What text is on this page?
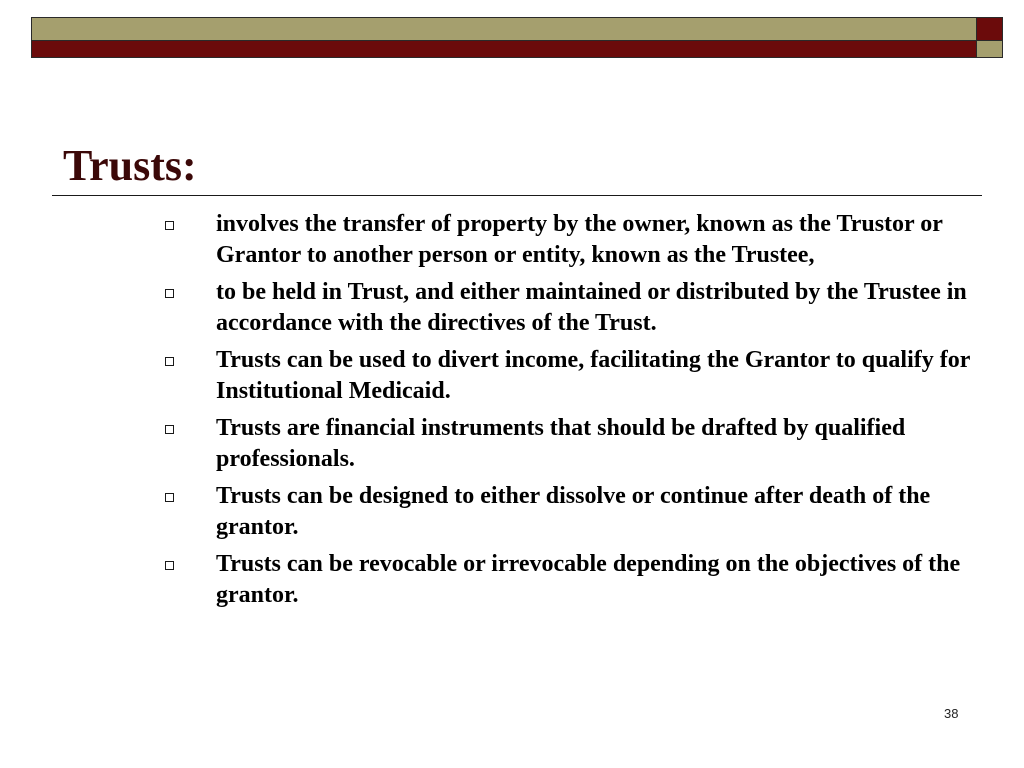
Trusts:
involves the transfer of property by the owner, known as the Trustor or Grantor to another person or entity, known as the Trustee,
to be held in Trust, and either maintained or distributed by the Trustee in accordance with the directives of the Trust.
Trusts can be used to divert income, facilitating the Grantor to qualify for Institutional Medicaid.
Trusts are financial instruments that should be drafted by qualified professionals.
Trusts can be designed to either dissolve or continue after death of the grantor.
Trusts can be revocable or irrevocable depending on the objectives of the grantor.
38
